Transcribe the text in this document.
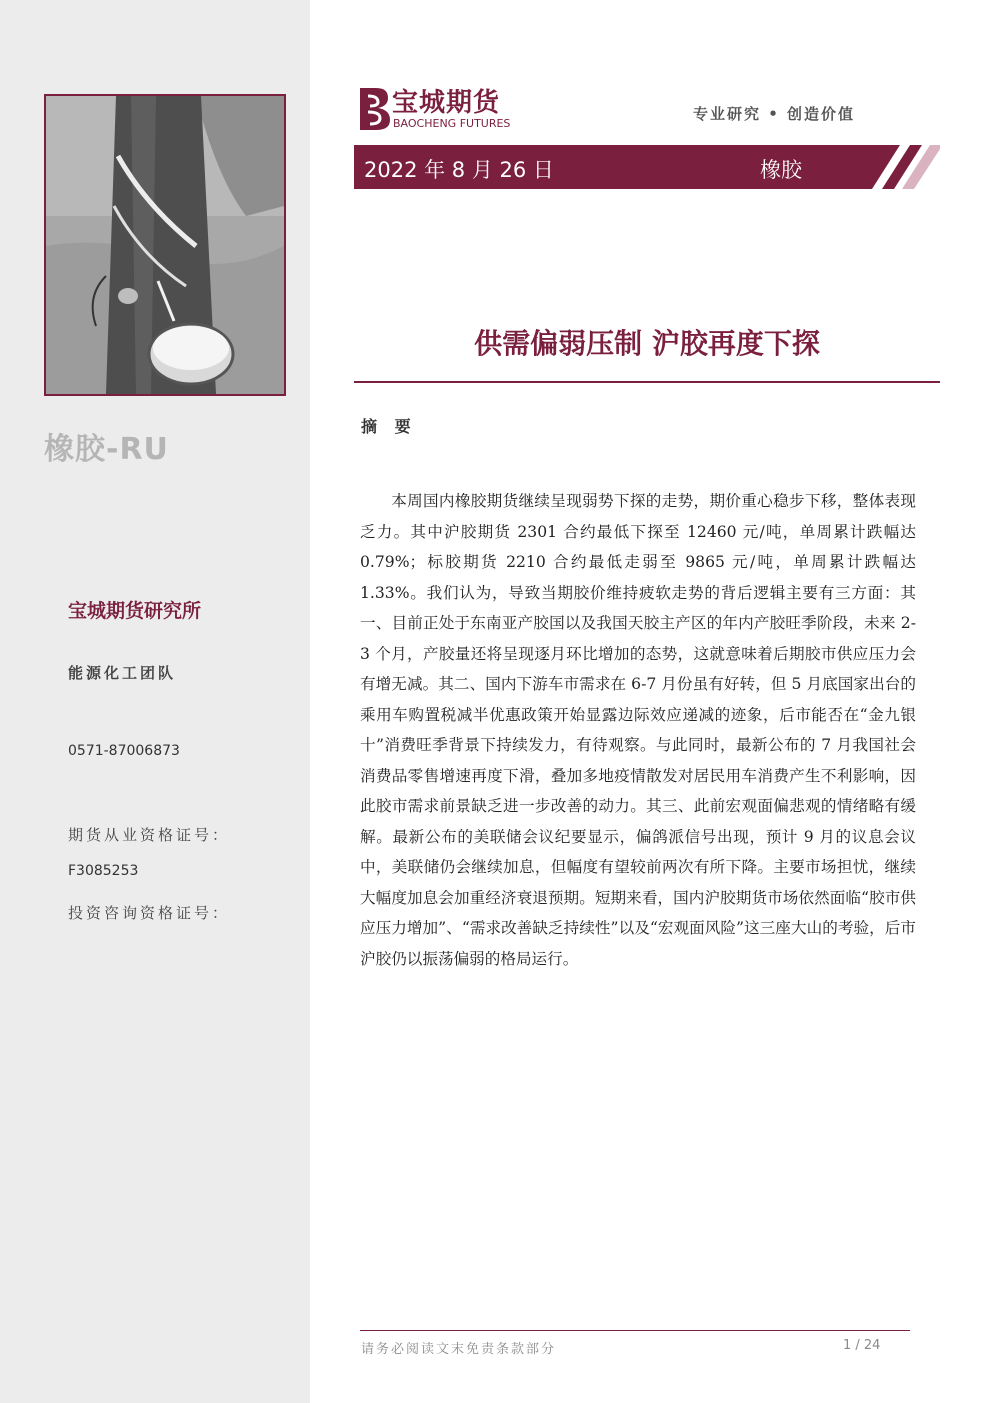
橡胶-RU
宝城期货研究所
能源化工团队
0571-87006873
期货从业资格证号：
F3085253
投资咨询资格证号：
宝城期货
BAOCHENG FUTURES
专业研究 • 创造价值
2022 年 8 月 26 日	橡胶
供需偏弱压制 沪胶再度下探
摘 要
本周国内橡胶期货继续呈现弱势下探的走势，期价重心稳步下移，整体表现乏力。其中沪胶期货 2301 合约最低下探至 12460 元/吨，单周累计跌幅达 0.79%；标胶期货 2210 合约最低走弱至 9865 元/吨，单周累计跌幅达 1.33%。我们认为，导致当期胶价维持疲软走势的背后逻辑主要有三方面：其一、目前正处于东南亚产胶国以及我国天胶主产区的年内产胶旺季阶段，未来 2-3 个月，产胶量还将呈现逐月环比增加的态势，这就意味着后期胶市供应压力会有增无减。其二、国内下游车市需求在 6-7 月份虽有好转，但 5 月底国家出台的乘用车购置税减半优惠政策开始显露边际效应递减的迹象，后市能否在“金九银十”消费旺季背景下持续发力，有待观察。与此同时，最新公布的 7 月我国社会消费品零售增速再度下滑，叠加多地疫情散发对居民用车消费产生不利影响，因此胶市需求前景缺乏进一步改善的动力。其三、此前宏观面偏悲观的情绪略有缓解。最新公布的美联储会议纪要显示，偏鸽派信号出现，预计 9 月的议息会议中，美联储仍会继续加息，但幅度有望较前两次有所下降。主要市场担忧，继续大幅度加息会加重经济衰退预期。短期来看，国内沪胶期货市场依然面临“胶市供应压力增加”、“需求改善缺乏持续性”以及“宏观面风险”这三座大山的考验，后市沪胶仍以振荡偏弱的格局运行。
请务必阅读文末免责条款部分	1 / 24
